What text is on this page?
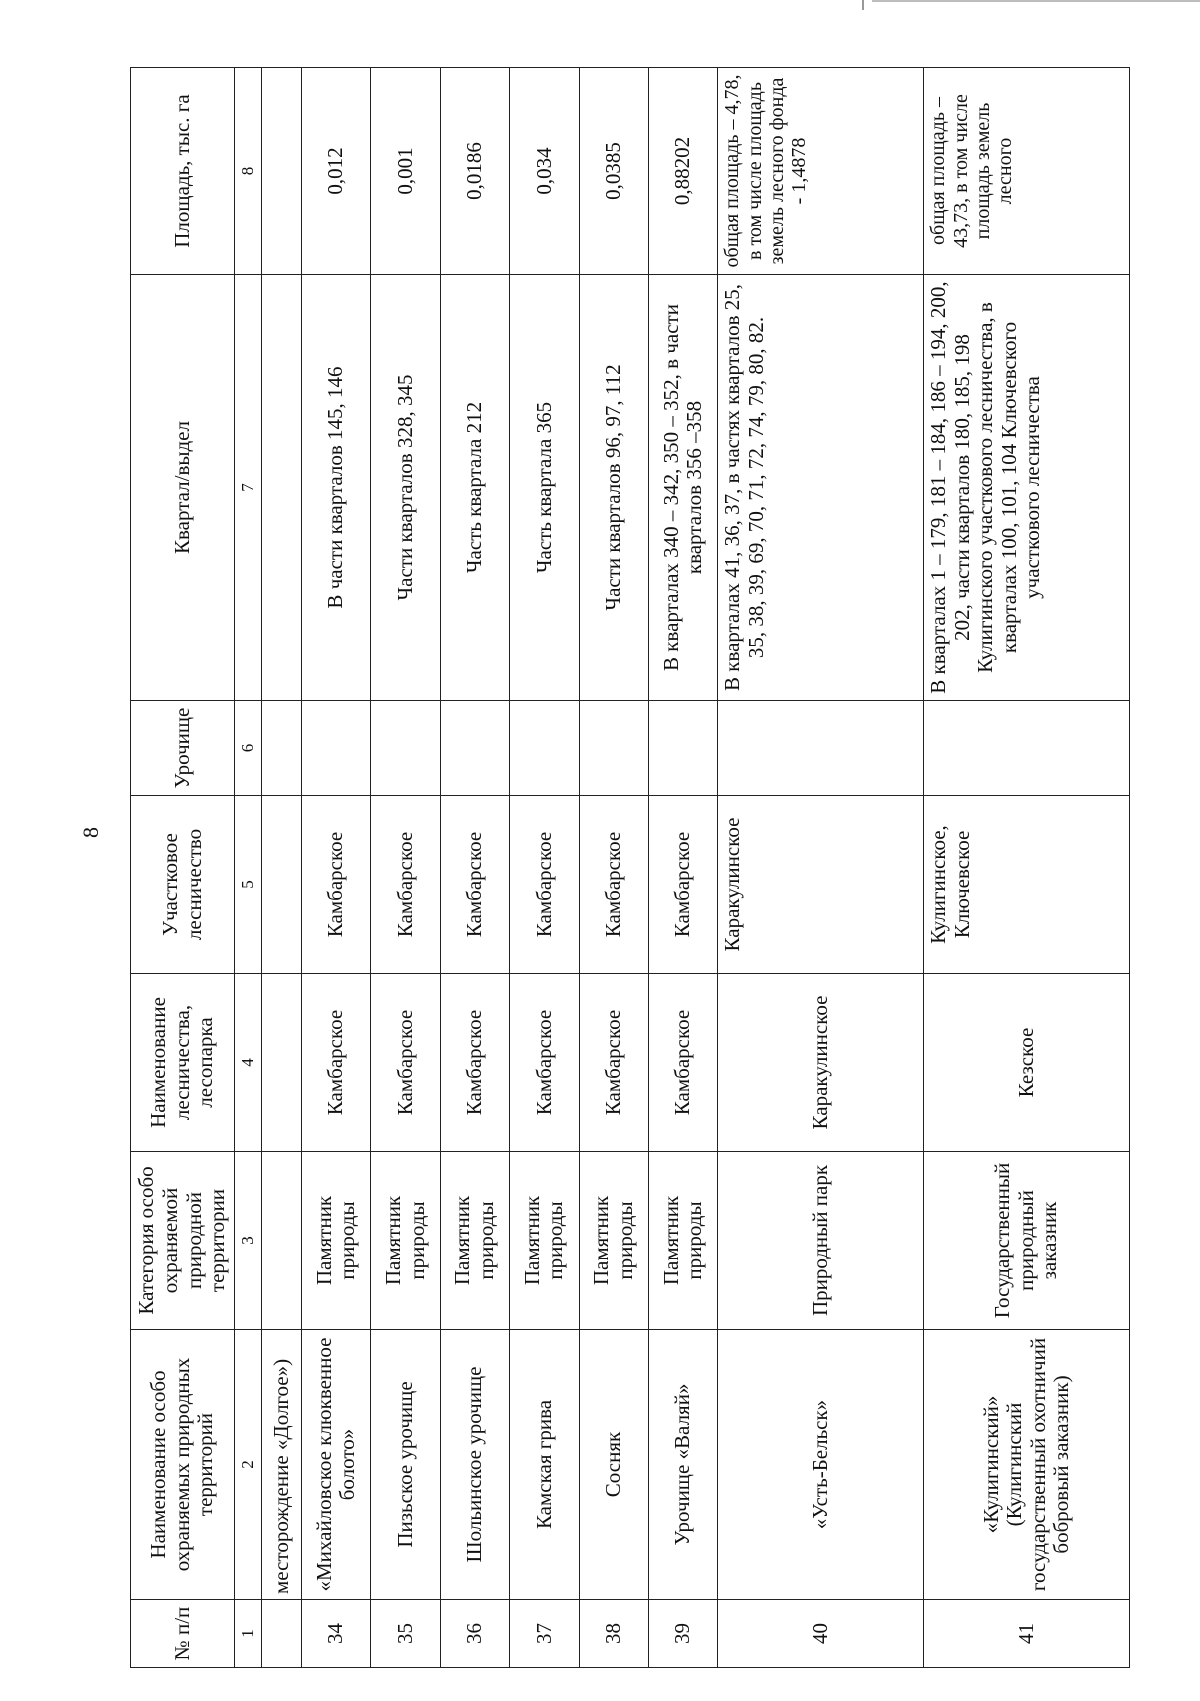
8
№ п/п	Наименование особо охраняемых природных территорий	Категория особо охраняемой природной территории	Наименование лесничества, лесопарка	Участковое лесничество	Урочище	Квартал/выдел	Площадь, тыс. га
1	2	3	4	5	6	7	8
	месторождение «Долгое»)						
34	«Михайловское клюквенное болото»	Памятник природы	Камбарское	Камбарское		В части кварталов 145, 146	0,012
35	Пизьское урочище	Памятник природы	Камбарское	Камбарское		Части кварталов 328, 345	0,001
36	Шольинское урочище	Памятник природы	Камбарское	Камбарское		Часть квартала 212	0,0186
37	Камская грива	Памятник природы	Камбарское	Камбарское		Часть квартала 365	0,034
38	Сосняк	Памятник природы	Камбарское	Камбарское		Части кварталов 96, 97, 112	0,0385
39	Урочище «Валяй»	Памятник природы	Камбарское	Камбарское		В кварталах 340 – 342, 350 – 352, в части кварталов 356 –358	0,88202
40	«Усть-Бельск»	Природный парк	Каракулинское	Каракулинское		В кварталах 41, 36, 37, в частях кварталов 25, 35, 38, 39, 69, 70, 71, 72, 74, 79, 80, 82.	общая площадь – 4,78, в том числе площадь земель лесного фонда - 1,4878
41	«Кулигинский» (Кулигинский государственный охотничий бобровый заказник)	Государственный природный заказник	Кезское	Кулигинское, Ключевское		В кварталах 1 – 179, 181 – 184, 186 – 194, 200, 202, части кварталов 180, 185, 198 Кулигинского участкового лесничества, в кварталах 100, 101, 104 Ключевского участкового лесничества	общая площадь – 43,73, в том числе площадь земель лесного
